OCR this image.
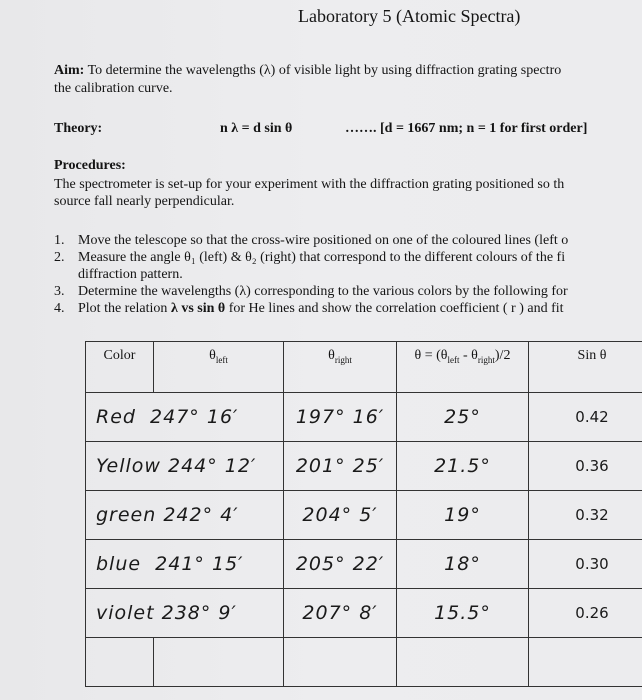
Laboratory 5 (Atomic Spectra)
Aim: To determine the wavelengths (λ) of visible light by using diffraction grating spectro
the calibration curve.
Theory:	n λ = d sin θ	……. [d = 1667 nm; n = 1 for first order]
Procedures:
The spectrometer is set-up for your experiment with the diffraction grating positioned so th
source fall nearly perpendicular.
1. Move the telescope so that the cross-wire positioned on one of the coloured lines (left o
2. Measure the angle θ₁ (left) & θ₂ (right) that correspond to the different colours of the fi
diffraction pattern.
3. Determine the wavelengths (λ) corresponding to the various colors by the following for
4. Plot the relation λ vs sin θ for He lines and show the correlation coefficient ( r ) and fit
Color	$\theta_{left}$	$\theta_{right}$	$\theta = (\theta_{left} - \theta_{right})/2$	Sin θ
Red 247° 16′		197° 16′	25°	0.42
Yellow 244° 12′		201° 25′	21.5°	0.36
green 242° 4′		204° 5′	19°	0.32
blue 241° 15′		205° 22′	18°	0.30
violet 238° 9′		207° 8′	15.5°	0.26
